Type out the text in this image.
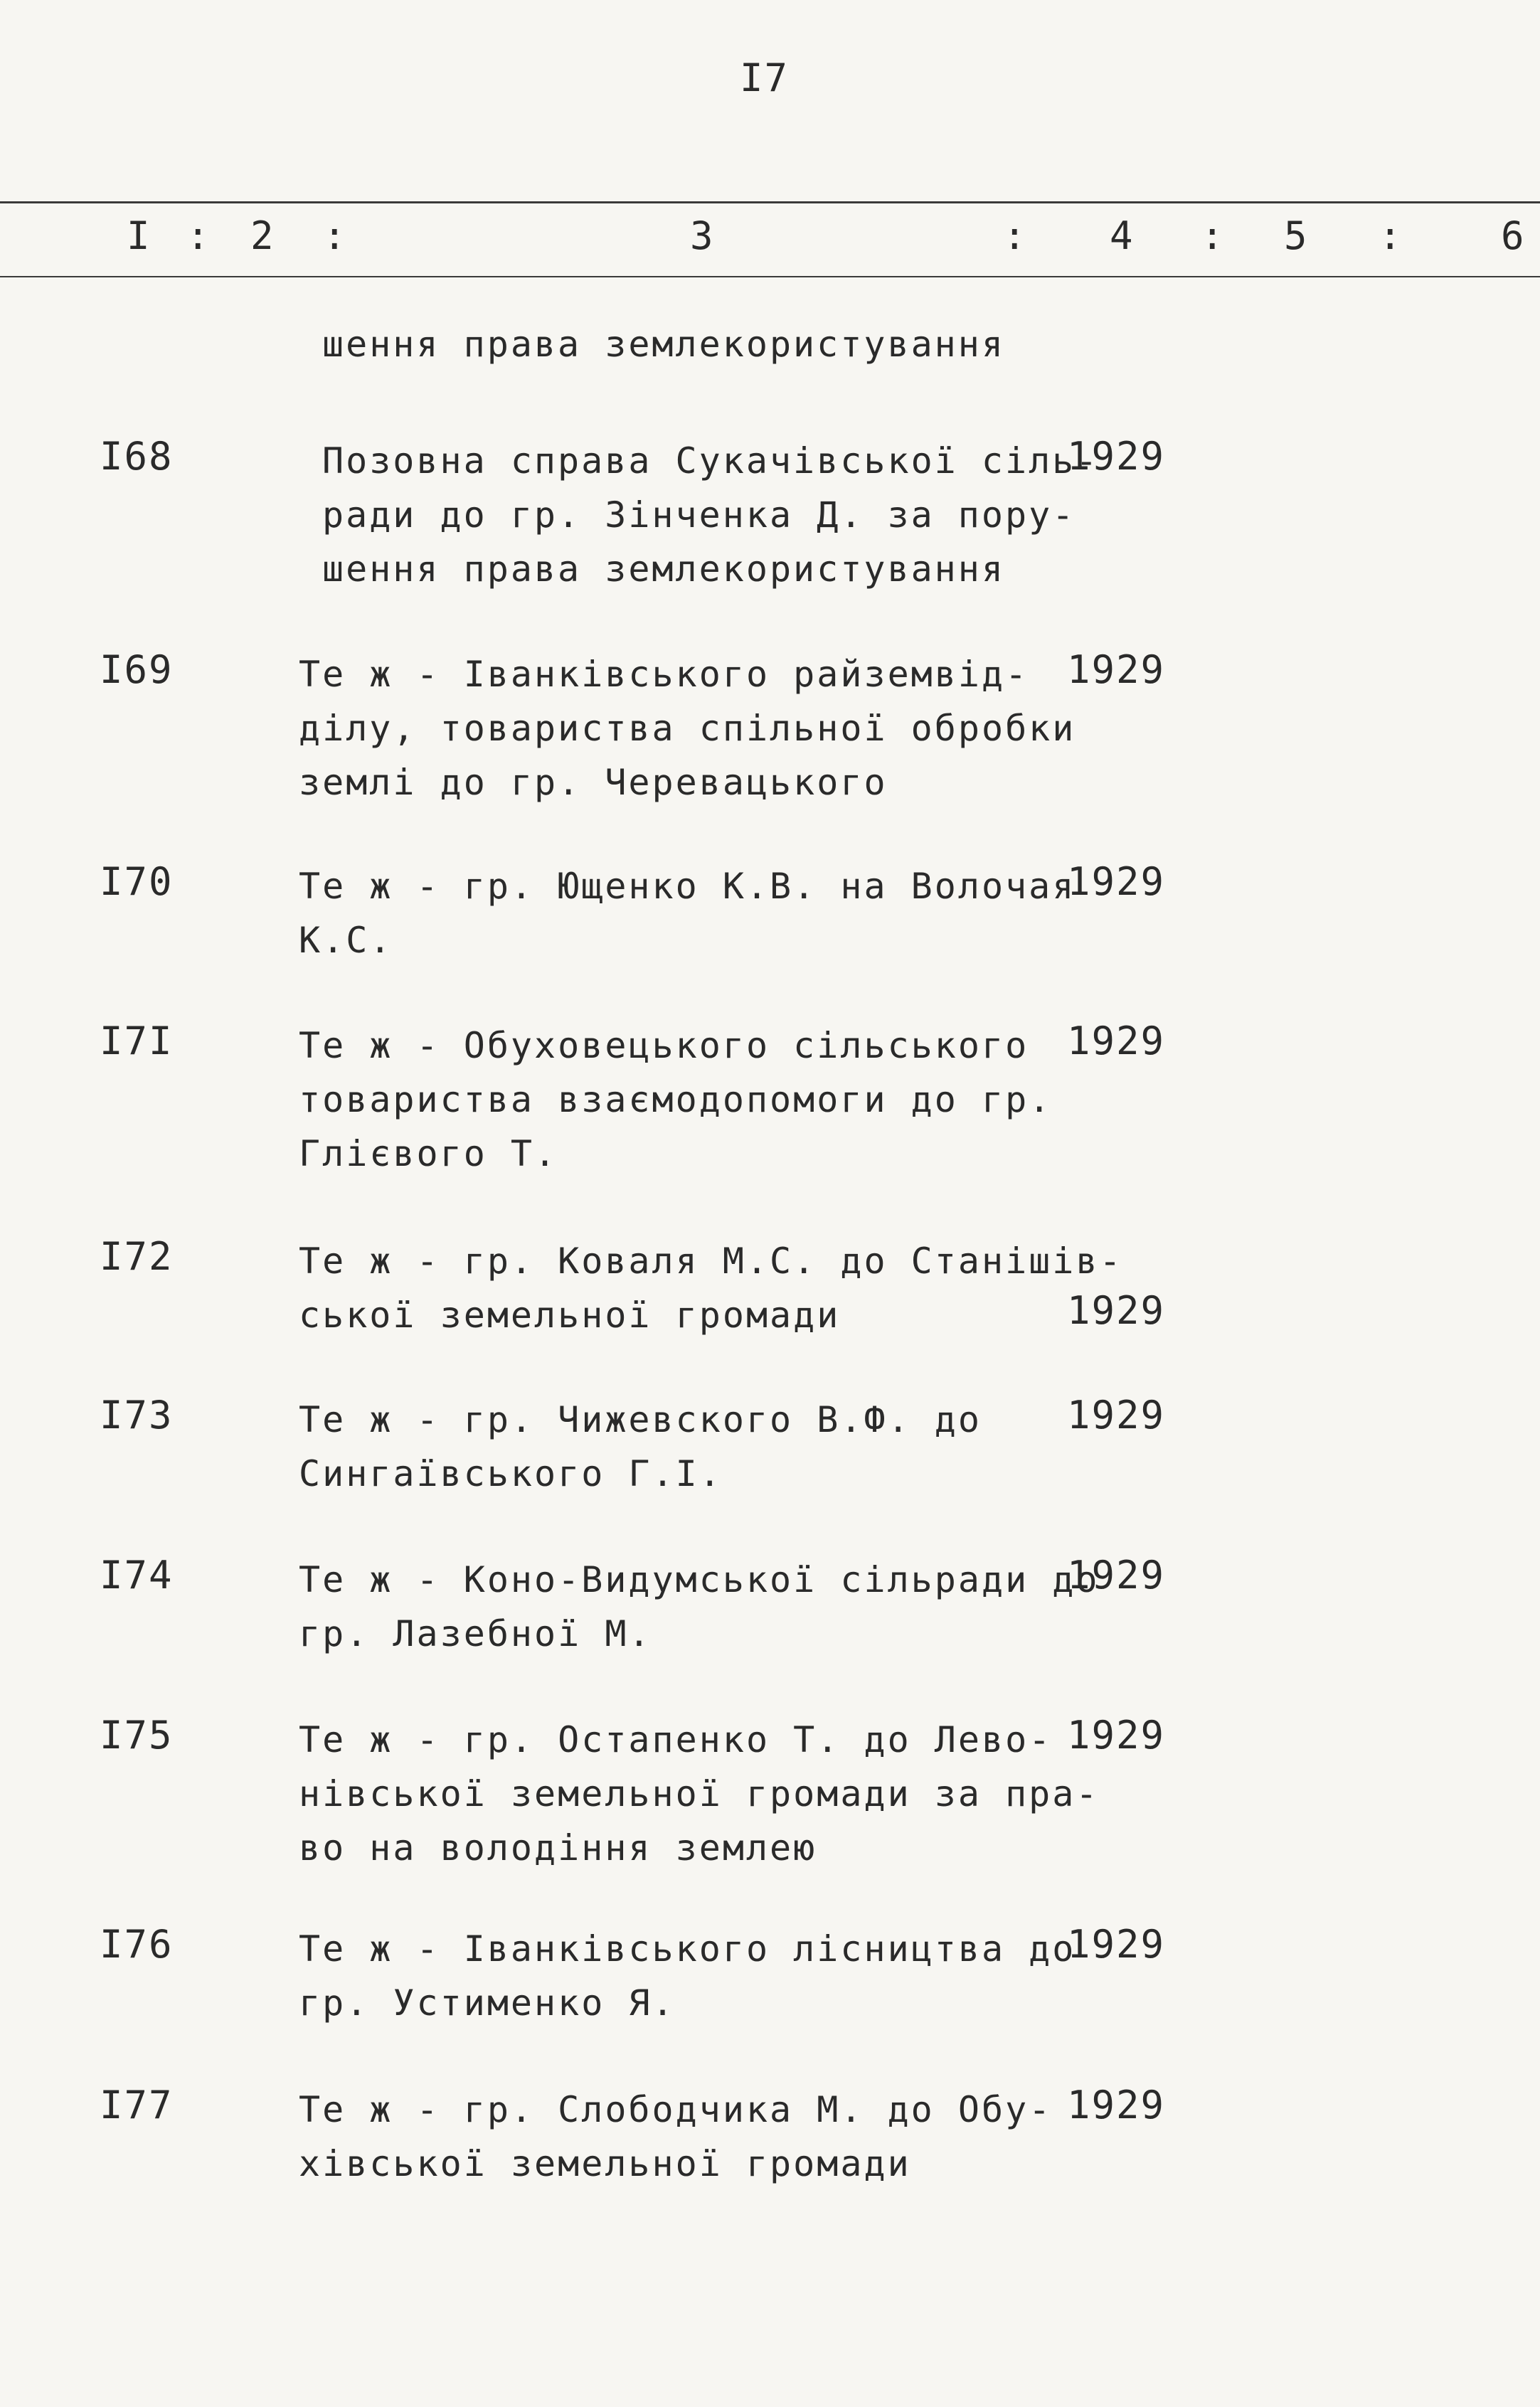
I7
I : 2 :	3	: 4 : 5 :	6
шення права землекористування
I68	Позовна справа Сукачівської сіль-
ради до гр. Зінченка Д. за пору-
шення права землекористування
1929
I69	Те ж - Іванківського райземвід-
ділу, товариства спільної обробки
землі до гр. Черевацького
1929
I70	Те ж - гр. Ющенко К.В. на Волочая
К.С.
1929
I7I	Те ж - Обуховецького сільського
товариства взаємодопомоги до гр.
Глієвого Т.
1929
I72	Те ж - гр. Коваля М.С. до Станішів-
ської земельної громади	1929
I73	Те ж - гр. Чижевского В.Ф. до
Сингаївського Г.І.
1929
I74	Те ж - Коно-Видумської сільради до
гр. Лазебної М.
1929
I75	Те ж - гр. Остапенко Т. до Лево-
нівської земельної громади за пра-
во на володіння землею
1929
I76	Те ж - Іванківського лісництва до
гр. Устименко Я.
1929
I77	Те ж - гр. Слободчика М. до Обу-
хівської земельної громади
1929
